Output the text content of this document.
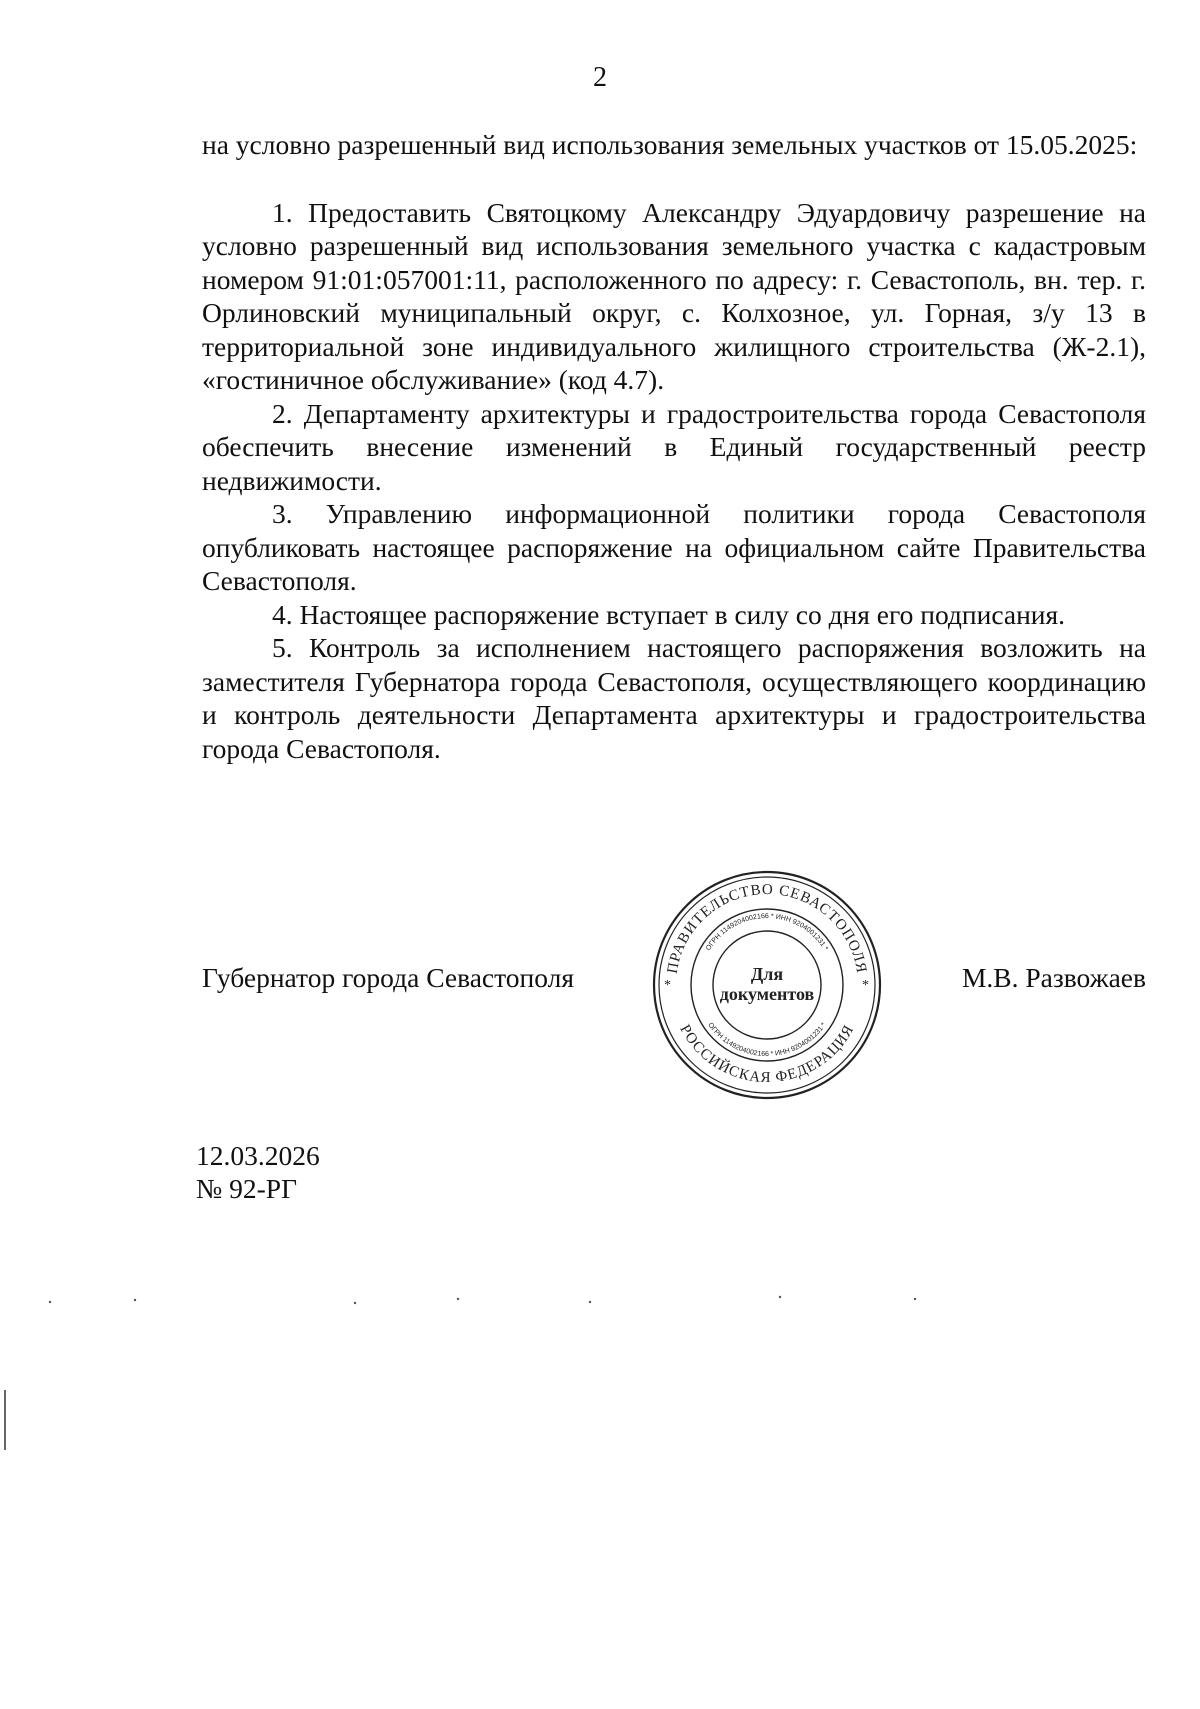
2

на условно разрешенный вид использования земельных участков от 15.05.2025:

1. Предоставить Святоцкому Александру Эдуардовичу разрешение на условно разрешенный вид использования земельного участка с кадастровым номером 91:01:057001:11, расположенного по адресу: г. Севастополь, вн. тер. г. Орлиновский муниципальный округ, с. Колхозное, ул. Горная, з/у 13 в территориальной зоне индивидуального жилищного строительства (Ж-2.1), «гостиничное обслуживание» (код 4.7).

2. Департаменту архитектуры и градостроительства города Севастополя обеспечить внесение изменений в Единый государственный реестр недвижимости.

3. Управлению информационной политики города Севастополя опубликовать настоящее распоряжение на официальном сайте Правительства Севастополя.

4. Настоящее распоряжение вступает в силу со дня его подписания.

5. Контроль за исполнением настоящего распоряжения возложить на заместителя Губернатора города Севастополя, осуществляющего координацию и контроль деятельности Департамента архитектуры и градостроительства города Севастополя.

Губернатор города Севастополя	М.В. Развожаев
ПРАВИТЕЛЬСТВО СЕВАСТОПОЛЯ
РОССИЙСКАЯ ФЕДЕРАЦИЯ
ОГРН 1149204002166 * ИНН 9204001231 *
ОГРН 1149204002166 * ИНН 9204001231 *
*	*
Для
документов
12.03.2026
№ 92-РГ
